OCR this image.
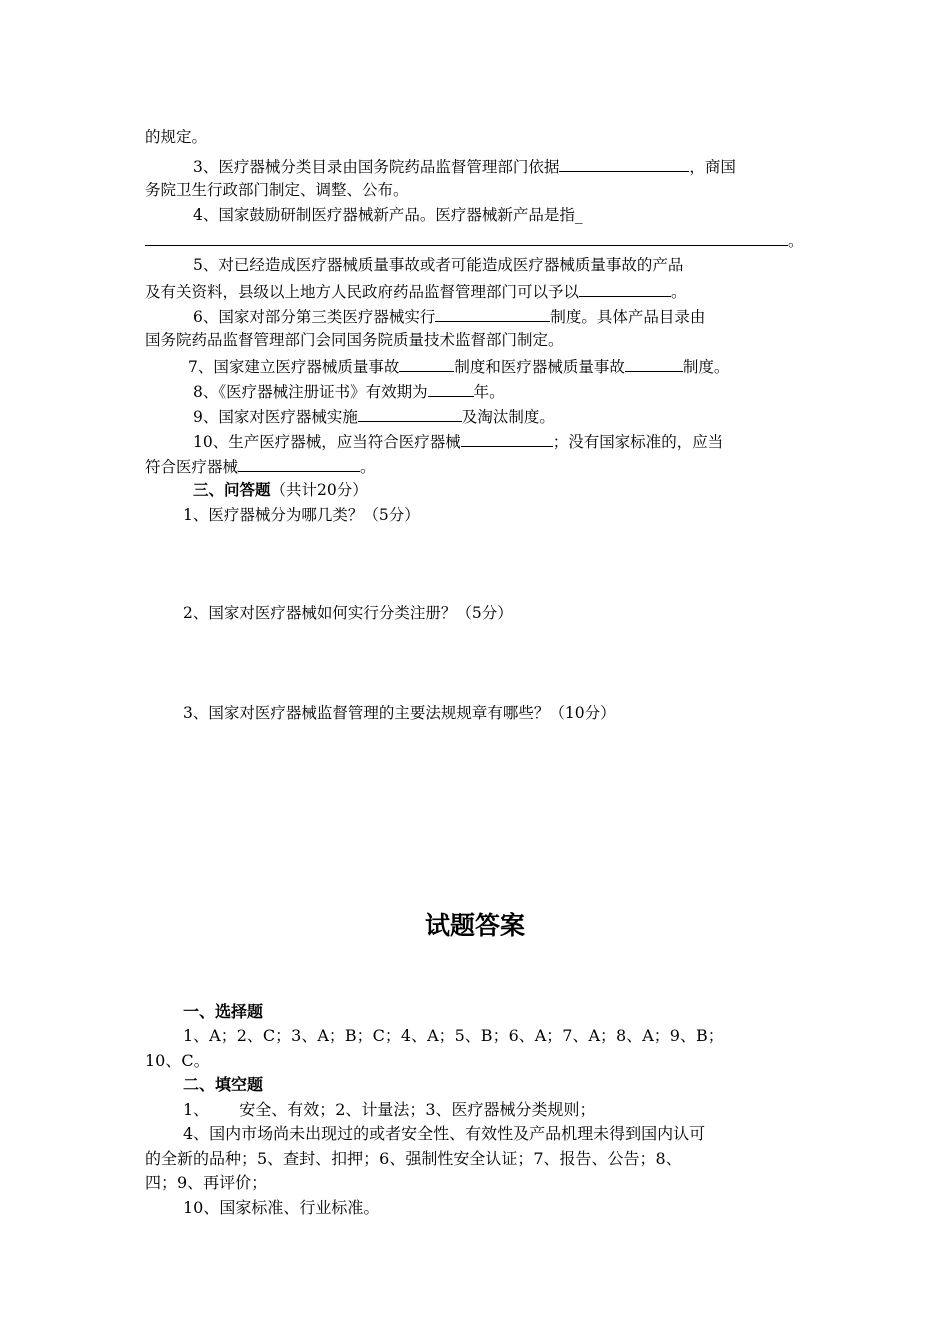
的规定。
3、医疗器械分类目录由国务院药品监督管理部门依据	，商国
务院卫生行政部门制定、调整、公布。
4、国家鼓励研制医疗器械新产品。医疗器械新产品是指_
。
5、对已经造成医疗器械质量事故或者可能造成医疗器械质量事故的产品
及有关资料，县级以上地方人民政府药品监督管理部门可以予以	。
6、国家对部分第三类医疗器械实行	制度。具体产品目录由
国务院药品监督管理部门会同国务院质量技术监督部门制定。
7、国家建立医疗器械质量事故	制度和医疗器械质量事故	制度。
8、《医疗器械注册证书》有效期为	年。
9、国家对医疗器械实施	及淘汰制度。
10、生产医疗器械，应当符合医疗器械	；没有国家标准的，应当
符合医疗器械	。
三、问答题（共计20分）
1、医疗器械分为哪几类？（5分）
2、国家对医疗器械如何实行分类注册？（5分）
3、国家对医疗器械监督管理的主要法规规章有哪些？（10分）
试题答案
一、选择题
1、A；2、C；3、A；B；C；4、A；5、B；6、A；7、A；8、A；9、B；
10、C。
二、填空题
1、 安全、有效；2、计量法；3、医疗器械分类规则；
4、国内市场尚未出现过的或者安全性、有效性及产品机理未得到国内认可
的全新的品种；5、查封、扣押；6、强制性安全认证；7、报告、公告；8、
四；9、再评价；
10、国家标准、行业标准。
